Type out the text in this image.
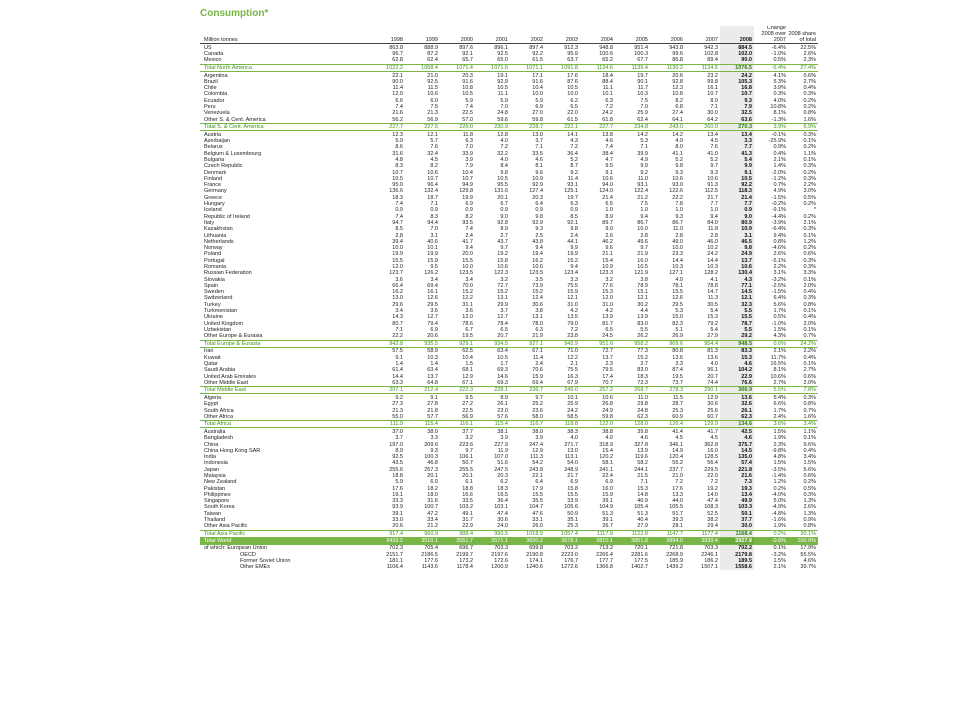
Consumption*
Million tonnes	1998	1999	2000	2001	2002	2003	2004	2005	2006	2007	2008	Change 2008 over 2007	2008 share of total
US	863.8	888.9	897.6	896.1	897.4	912.3	948.8	951.4	943.8	942.3	884.5	-6.4%	22.5%
Canada	96.7	87.2	92.1	92.5	92.2	95.9	100.6	100.3	99.6	102.8	102.0	-1.0%	2.6%
Mexico	62.8	62.4	65.7	65.0	61.5	63.7	65.2	67.7	86.8	89.4	90.0	0.5%	2.3%
Total North America	1022.2	1058.4	1071.4	1071.6	1071.1	1091.8	1134.6	1139.4	1130.2	1134.5	1076.5	-5.4%	27.4%
Argentina	22.1	21.0	20.3	19.1	17.1	17.6	18.4	19.7	20.6	23.2	24.2	4.1%	0.6%
Brazil	90.0	92.5	91.6	92.9	91.6	87.6	88.4	90.1	92.8	99.8	105.3	5.3%	2.7%
Chile	11.4	11.5	10.8	10.5	10.4	10.5	11.1	11.7	12.3	16.1	16.8	3.9%	0.4%
Colombia	12.0	10.6	10.5	11.1	10.0	10.0	10.1	10.3	10.8	10.7	10.7	0.3%	0.3%
Ecuador	6.6	6.0	5.9	5.9	5.9	6.2	6.3	7.5	8.2	8.9	9.3	4.0%	0.2%
Peru	7.4	7.5	7.4	7.0	6.9	6.5	7.2	7.0	6.8	7.1	7.9	10.8%	0.2%
Venezuela	21.6	21.3	22.5	24.8	27.0	22.0	24.2	25.9	27.4	30.0	32.5	8.1%	0.8%
Other S. & Cent. America	56.2	56.9	57.0	59.6	59.8	61.5	61.8	62.4	64.1	64.2	63.6	-1.3%	1.6%
Total S. & Cent. America	227.7	227.5	226.0	230.9	228.7	222.1	227.7	234.8	243.0	260.0	270.3	3.9%	6.9%
Austria	12.3	12.1	11.8	12.8	13.0	14.1	13.8	14.2	14.2	13.4	13.4	-0.1%	0.3%
Azerbaijan	5.9	5.7	6.3	4.0	3.7	4.3	4.6	5.3	4.9	4.5	3.3	-25.9%	0.1%
Belarus	8.6	7.6	7.0	7.2	7.1	7.2	7.4	7.1	8.0	7.6	7.7	0.9%	0.2%
Belgium & Luxembourg	31.6	32.4	33.9	32.2	33.5	36.4	38.4	39.9	41.1	41.0	41.3	0.4%	1.1%
Bulgaria	4.8	4.5	3.9	4.0	4.6	5.2	4.7	4.9	5.2	5.2	5.4	2.1%	0.1%
Czech Republic	8.3	8.2	7.9	8.4	8.1	8.7	9.5	9.9	9.8	9.7	9.9	1.4%	0.3%
Denmark	10.7	10.6	10.4	9.8	9.6	9.2	9.1	9.2	9.3	9.3	9.1	-2.0%	0.2%
Finland	10.5	10.7	10.7	10.5	10.9	11.4	10.6	11.0	10.6	10.6	10.5	-1.2%	0.3%
France	95.0	96.4	94.9	95.5	92.9	93.1	94.0	93.1	93.0	91.3	92.2	0.7%	2.2%
Germany	136.6	132.4	129.8	131.6	127.4	125.1	124.0	122.4	122.6	112.5	118.3	4.9%	3.0%
Greece	18.3	18.7	19.9	20.1	20.3	19.7	21.4	21.2	22.2	21.7	21.4	-1.5%	0.5%
Hungary	7.4	7.1	6.9	6.7	6.4	6.3	6.5	7.5	7.8	7.7	7.7	-0.2%	0.2%
Iceland	0.9	0.9	0.9	0.9	0.9	0.9	1.0	1.0	1.0	1.0	0.9	-9.1%	*
Republic of Ireland	7.4	8.3	8.2	9.0	9.8	8.5	8.9	9.4	9.3	9.4	9.0	-4.4%	0.2%
Italy	94.7	94.4	93.5	92.8	92.9	92.1	89.7	86.7	86.7	84.0	80.9	-3.9%	2.1%
Kazakhstan	8.5	7.0	7.4	8.9	9.3	9.8	9.0	10.0	11.0	11.8	10.9	-6.4%	0.3%
Lithuania	2.8	3.1	2.4	2.7	2.5	2.4	2.6	2.8	2.8	2.8	3.1	9.4%	0.1%
Netherlands	39.4	40.6	41.7	43.7	43.8	44.1	46.2	49.6	49.0	46.0	46.5	0.8%	1.2%
Norway	10.0	10.1	9.4	9.7	9.4	9.9	9.6	9.7	10.0	10.2	9.8	-4.6%	0.2%
Poland	19.9	19.9	20.0	19.2	19.4	19.9	21.1	21.9	23.3	24.2	24.9	2.6%	0.6%
Portugal	15.5	15.9	15.5	15.8	16.2	15.2	15.4	16.0	14.4	14.4	13.7	-5.1%	0.3%
Romania	12.0	9.5	10.0	10.6	10.6	9.4	10.9	10.5	10.3	10.3	10.6	2.2%	0.3%
Russian Federation	123.7	126.2	123.5	122.3	123.5	123.4	123.3	121.9	127.1	128.2	130.4	3.1%	3.3%
Slovakia	3.6	3.4	3.4	3.2	3.5	3.3	3.2	3.8	4.0	4.1	4.3	-3.2%	0.1%
Spain	66.4	69.4	70.0	72.7	73.9	75.5	77.6	78.9	78.1	78.8	77.1	-2.5%	2.0%
Sweden	16.2	16.1	15.2	15.2	15.2	15.9	15.3	15.1	15.5	14.7	14.5	-1.5%	0.4%
Switzerland	13.0	12.6	12.2	13.1	12.4	12.1	12.0	12.1	12.6	11.3	12.1	6.4%	0.3%
Turkey	29.6	29.5	31.1	29.9	30.6	31.0	31.0	30.2	29.5	30.5	32.3	5.6%	0.8%
Turkmenistan	3.4	3.6	3.6	3.7	3.8	4.2	4.2	4.4	5.3	5.4	5.5	1.7%	0.1%
Ukraine	14.3	12.7	12.0	12.7	13.1	13.5	13.9	13.9	15.0	15.3	15.5	0.5%	0.4%
United Kingdom	80.7	79.4	78.6	78.4	78.0	79.0	81.7	83.0	82.3	79.2	78.7	-1.0%	2.0%
Uzbekistan	7.1	6.9	6.7	6.5	6.3	7.2	6.5	5.5	5.1	5.4	5.5	1.5%	0.1%
Other Europe & Eurasia	22.2	20.6	19.5	20.7	21.9	23.8	24.5	26.2	26.9	27.9	29.2	4.3%	0.7%
Total Europe & Eurasia	942.8	935.5	929.1	934.5	927.1	942.9	951.6	958.2	969.6	954.4	948.5	0.6%	24.2%
Iran	57.5	58.9	62.5	63.4	67.1	71.0	72.7	77.3	80.8	81.3	83.3	2.1%	2.2%
Kuwait	9.1	10.3	10.4	10.5	11.4	12.2	13.7	15.2	13.6	13.6	15.3	11.7%	0.4%
Qatar	1.4	1.4	1.5	1.7	2.4	2.1	2.3	2.7	3.3	4.0	4.6	16.5%	0.1%
Saudi Arabia	61.4	63.4	68.1	69.3	70.6	75.5	79.5	83.0	87.4	96.1	104.2	8.1%	2.7%
United Arab Emirates	14.4	13.7	12.9	14.6	15.9	16.3	17.4	18.3	19.5	20.7	22.9	10.6%	0.6%
Other Middle East	63.3	64.8	67.1	69.3	69.4	67.9	70.7	72.3	73.7	74.4	76.6	2.7%	2.0%
Total Middle East	207.1	212.4	222.3	228.1	236.7	245.0	257.2	268.7	278.3	290.1	306.9	5.5%	7.8%
Algeria	9.2	9.1	9.5	8.9	9.7	10.1	10.6	11.0	11.5	12.9	13.6	5.4%	0.3%
Egypt	27.3	27.8	27.2	26.1	25.2	25.9	26.8	29.8	28.7	30.6	32.6	6.6%	0.8%
South Africa	21.3	21.8	22.5	23.0	23.6	24.2	24.9	24.8	25.3	25.6	26.1	1.7%	0.7%
Other Africa	55.0	57.7	56.9	57.6	58.0	58.5	59.8	62.3	60.9	60.7	62.3	2.4%	1.6%
Total Africa	111.9	115.4	116.1	115.4	116.7	118.8	122.0	128.0	126.4	129.9	134.6	3.6%	3.4%
Australia	37.0	38.0	37.7	38.1	38.0	38.3	38.8	39.8	41.4	41.7	42.5	1.5%	1.1%
Bangladesh	3.7	3.3	3.2	3.9	3.9	4.0	4.0	4.6	4.5	4.5	4.6	1.9%	0.1%
China	197.0	209.6	223.6	227.9	247.4	271.7	318.9	327.8	346.1	362.8	375.7	2.3%	9.6%
China Hong Kong SAR	8.9	9.3	9.7	11.9	12.9	13.0	15.4	13.9	14.9	16.0	14.5	-9.8%	0.4%
India	92.5	100.3	106.1	107.0	111.3	113.1	120.2	119.6	120.4	128.5	135.0	4.8%	3.4%
Indonesia	43.5	46.8	50.7	51.6	54.2	54.0	58.1	58.2	55.2	56.4	57.4	1.5%	1.5%
Japan	255.6	257.3	255.5	247.5	243.8	248.9	241.1	244.1	237.7	229.5	221.8	-3.5%	5.6%
Malaysia	18.8	20.1	20.1	20.3	22.1	21.7	22.4	21.5	21.0	22.0	21.6	-1.4%	0.6%
New Zealand	5.9	6.0	6.1	6.2	6.4	6.9	6.9	7.1	7.2	7.2	7.3	1.2%	0.2%
Pakistan	17.6	18.2	18.8	18.3	17.9	15.8	16.0	15.3	17.6	19.2	19.3	0.2%	0.5%
Philippines	19.1	18.0	16.6	16.5	15.5	15.5	15.9	14.8	13.3	14.0	13.4	-4.0%	0.3%
Singapore	33.3	31.6	33.5	36.4	35.5	33.9	39.1	40.9	44.0	47.4	49.9	5.0%	1.3%
South Korea	93.9	100.7	103.2	103.1	104.7	105.6	104.9	105.4	105.5	108.3	103.3	-4.9%	2.6%
Taiwan	39.1	47.2	49.1	47.4	47.6	50.9	51.3	51.3	51.7	52.5	50.1	-4.8%	1.3%
Thailand	33.0	33.4	31.7	30.6	33.1	35.1	39.1	40.4	39.3	38.2	37.7	-1.6%	0.9%
Other Asia Pacific	20.6	21.2	22.9	24.0	26.0	25.3	26.7	27.9	28.1	29.4	30.0	1.9%	0.8%
Total Asia Pacific	917.4	960.9	988.4	990.5	1018.9	1057.4	1117.9	1122.8	1147.7	1177.4	1168.4	0.2%	30.1%
Total World	3439.2	3510.1	3551.7	3571.1	3600.2	3678.1	3810.1	3851.8	3894.0	3939.4	3927.9	-0.6%	100.0%
of which: European Union	702.3	705.4	696.7	703.3	699.8	703.2	713.2	720.1	721.8	703.3	702.2	0.1%	17.9%
OECD	2151.7	2186.5	2199.7	2197.6	2190.8	2223.0	2266.4	2281.6	2268.9	2246.1	2179.8	-3.2%	55.5%
Former Soviet Union	181.1	177.6	173.2	172.6	174.1	176.7	177.7	177.5	185.9	186.2	189.5	1.5%	4.6%
Other EMEs	1106.4	1143.6	1178.4	1200.9	1240.6	1272.6	1366.8	1402.7	1439.2	1507.1	1558.6	2.1%	39.7%
